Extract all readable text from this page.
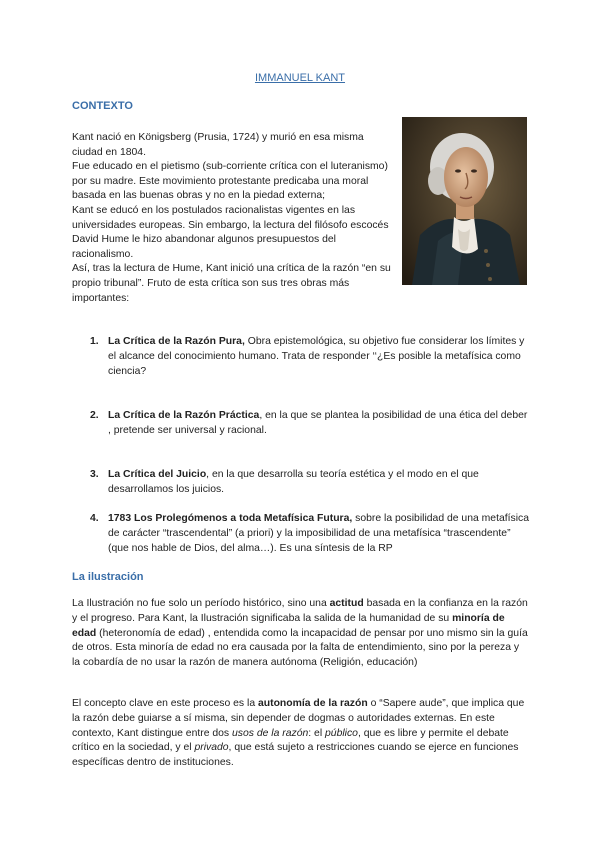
IMMANUEL KANT
CONTEXTO

Kant nació en Königsberg (Prusia, 1724) y murió en esa misma ciudad en 1804.

Fue educado en el pietismo (sub-corriente crítica con el luteranismo) por su madre. Este movimiento protestante predicaba una moral basada en las buenas obras y no en la piedad externa;

Kant se educó en los postulados racionalistas vigentes en las universidades europeas. Sin embargo, la lectura del filósofo escocés David Hume le hizo abandonar algunos presupuestos del racionalismo.

Así, tras la lectura de Hume, Kant inició una crítica de la razón “en su propio tribunal”. Fruto de esta crítica son sus tres obras más importantes:

1. La Crítica de la Razón Pura, Obra epistemológica, su objetivo fue considerar los límites y el alcance del conocimiento humano. Trata de responder ‘‘¿Es posible la metafísica como ciencia?
2. La Crítica de la Razón Práctica, en la que se plantea la posibilidad de una ética del deber , pretende ser universal y racional.
3. La Crítica del Juicio, en la que desarrolla su teoría estética y el modo en el que desarrollamos los juicios.
4. 1783 Los Prolegómenos a toda Metafísica Futura, sobre la posibilidad de una metafísica de carácter “trascendental” (a priori) y la imposibilidad de una metafísica “trascendente” (que nos hable de Dios, del alma…). Es una síntesis de la RP
La ilustración
La Ilustración no fue solo un período histórico, sino una actitud basada en la confianza en la razón y el progreso. Para Kant, la Ilustración significaba la salida de la humanidad de su minoría de edad (heteronomía de edad) , entendida como la incapacidad de pensar por uno mismo sin la guía de otros. Esta minoría de edad no era causada por la falta de entendimiento, sino por la pereza y la cobardía de no usar la razón de manera autónoma (Religión, educación)
El concepto clave en este proceso es la autonomía de la razón o “Sapere aude”, que implica que la razón debe guiarse a sí misma, sin depender de dogmas o autoridades externas. En este contexto, Kant distingue entre dos usos de la razón: el público, que es libre y permite el debate crítico en la sociedad, y el privado, que está sujeto a restricciones cuando se ejerce en funciones específicas dentro de instituciones.
